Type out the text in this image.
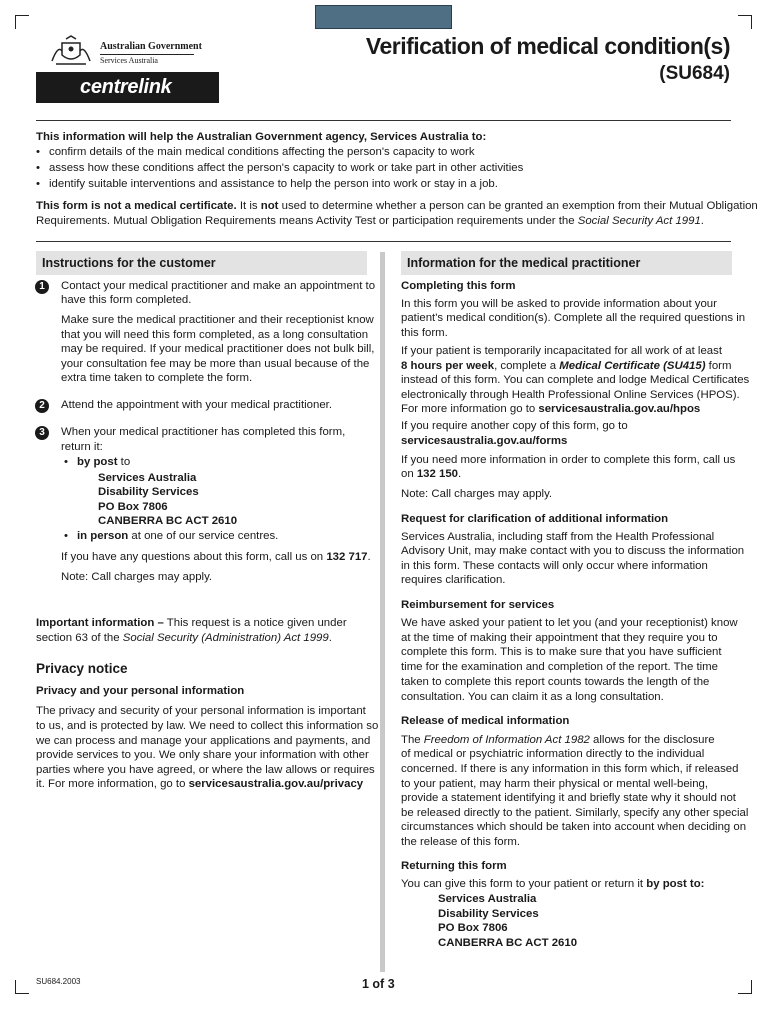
Australian Government
Services Australia
centrelink
Verification of medical condition(s)
(SU684)
This information will help the Australian Government agency, Services Australia to:
• confirm details of the main medical conditions affecting the person's capacity to work
• assess how these conditions affect the person's capacity to work or take part in other activities
• identify suitable interventions and assistance to help the person into work or stay in a job.
This form is not a medical certificate. It is not used to determine whether a person can be granted an exemption from their Mutual Obligation
Requirements. Mutual Obligation Requirements means Activity Test or participation requirements under the Social Security Act 1991.
Instructions for the customer
1	Contact your medical practitioner and make an appointment to
have this form completed.
Make sure the medical practitioner and their receptionist know
that you will need this form completed, as a long consultation
may be required. If your medical practitioner does not bulk bill,
your consultation fee may be more than usual because of the
extra time taken to complete the form.
2	Attend the appointment with your medical practitioner.
3	When your medical practitioner has completed this form,
return it:
• by post to
Services Australia
Disability Services
PO Box 7806
CANBERRA BC ACT 2610
• in person at one of our service centres.
If you have any questions about this form, call us on 132 717.
Note: Call charges may apply.
Important information – This request is a notice given under
section 63 of the Social Security (Administration) Act 1999.
Privacy notice
Privacy and your personal information
The privacy and security of your personal information is important
to us, and is protected by law. We need to collect this information so
we can process and manage your applications and payments, and
provide services to you. We only share your information with other
parties where you have agreed, or where the law allows or requires
it. For more information, go to servicesaustralia.gov.au/privacy
Information for the medical practitioner
Completing this form
In this form you will be asked to provide information about your
patient's medical condition(s). Complete all the required questions in
this form.
If your patient is temporarily incapacitated for all work of at least
8 hours per week, complete a Medical Certificate (SU415) form
instead of this form. You can complete and lodge Medical Certificates
electronically through Health Professional Online Services (HPOS).
For more information go to servicesaustralia.gov.au/hpos
If you require another copy of this form, go to
servicesaustralia.gov.au/forms
If you need more information in order to complete this form, call us
on 132 150.
Note: Call charges may apply.
Request for clarification of additional information
Services Australia, including staff from the Health Professional
Advisory Unit, may make contact with you to discuss the information
in this form. These contacts will only occur where information
requires clarification.
Reimbursement for services
We have asked your patient to let you (and your receptionist) know
at the time of making their appointment that they require you to
complete this form. This is to make sure that you have sufficient
time for the examination and completion of the report. The time
taken to complete this report counts towards the length of the
consultation. You can claim it as a long consultation.
Release of medical information
The Freedom of Information Act 1982 allows for the disclosure
of medical or psychiatric information directly to the individual
concerned. If there is any information in this form which, if released
to your patient, may harm their physical or mental well-being,
provide a statement identifying it and briefly state why it should not
be released directly to the patient. Similarly, specify any other special
circumstances which should be taken into account when deciding on
the release of this form.
Returning this form
You can give this form to your patient or return it by post to:
Services Australia
Disability Services
PO Box 7806
CANBERRA BC ACT 2610
SU684.2003	1 of 3
